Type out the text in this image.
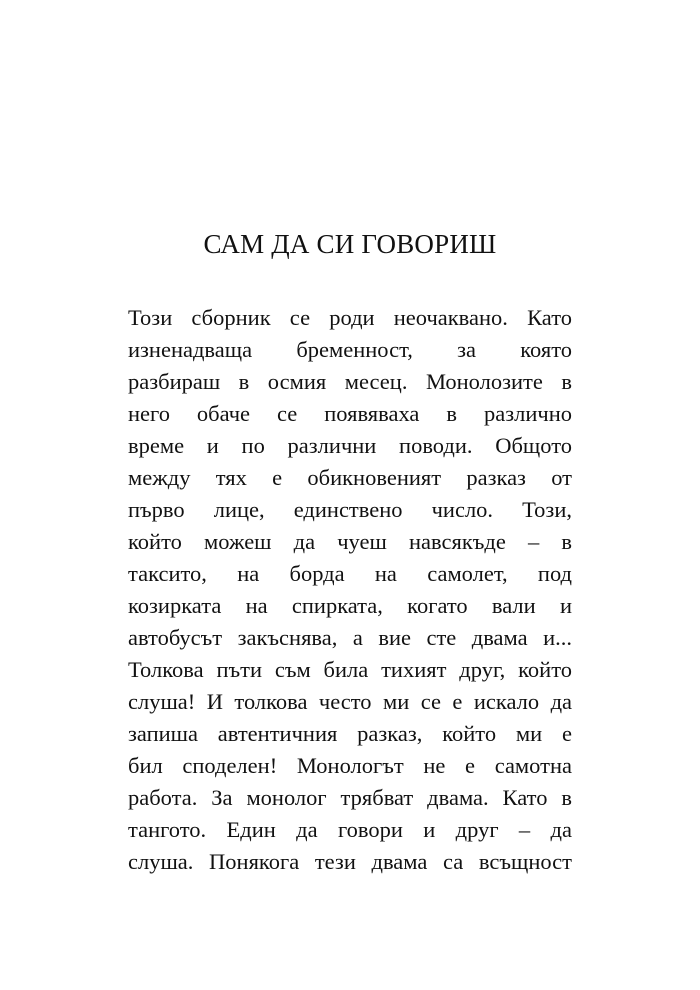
САМ ДА СИ ГОВОРИШ
Този сборник се роди неочаквано. Като
изненадваща бременност, за която
разбираш в осмия месец. Монолозите в
него обаче се появяваха в различно
време и по различни поводи. Общото
между тях е обикновеният разказ от
първо лице, единствено число. Този,
който можеш да чуеш навсякъде – в
таксито, на борда на самолет, под
козирката на спирката, когато вали и
автобусът закъснява, а вие сте двама и...
Толкова пъти съм била тихият друг, който
слуша! И толкова често ми се е искало да
запиша автентичния разказ, който ми е
бил споделен! Монологът не е самотна
работа. За монолог трябват двама. Като в
тангото. Един да говори и друг – да
слуша. Понякога тези двама са всъщност
